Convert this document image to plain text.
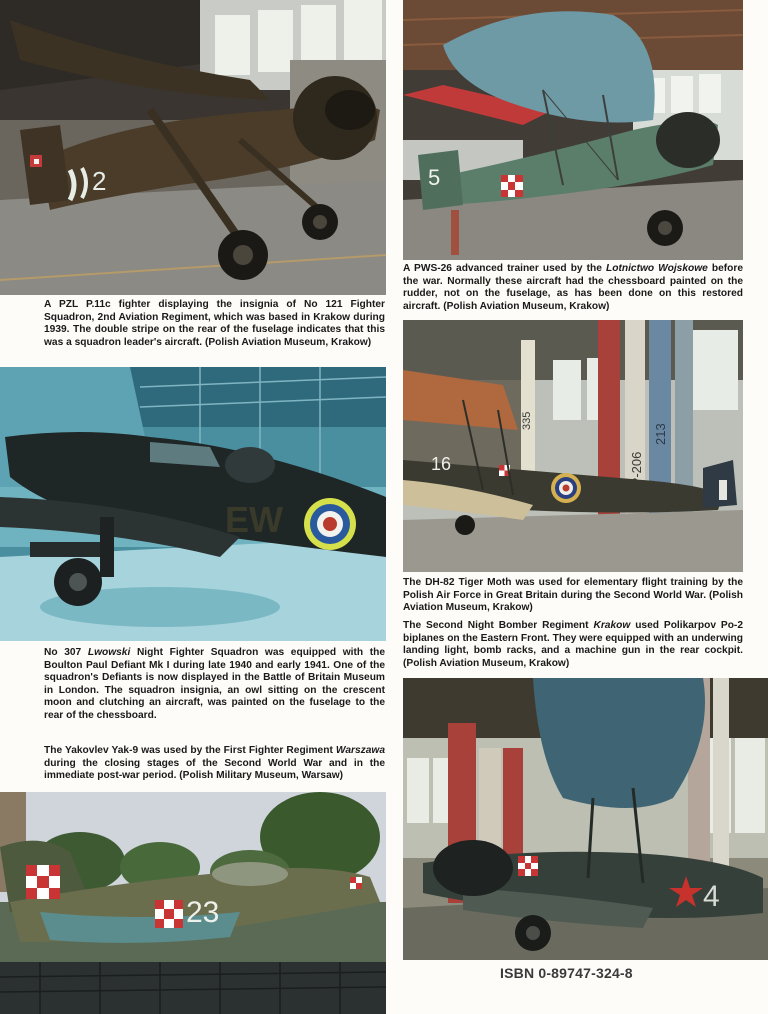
2

A PZL P.11c fighter displaying the insignia of No 121 Fighter Squadron, 2nd Aviation Regiment, which was based in Krakow during 1939. The double stripe on the rear of the fuselage indicates that this was a squadron leader's aircraft. (Polish Aviation Museum, Krakow)

5

A PWS-26 advanced trainer used by the Lotnictwo Wojskowe before the war. Normally these aircraft had the chessboard painted on the rudder, not on the fuselage, as has been done on this restored aircraft. (Polish Aviation Museum, Krakow)

EW

No 307 Lwowski Night Fighter Squadron was equipped with the Boulton Paul Defiant Mk I during late 1940 and early 1941. One of the squadron's Defiants is now displayed in the Battle of Britain Museum in London. The squadron insignia, an owl sitting on the crescent moon and clutching an aircraft, was painted on the fuselage to the rear of the chessboard.

The Yakovlev Yak-9 was used by the First Fighter Regiment Warszawa during the closing stages of the Second World War and in the immediate post-war period. (Polish Military Museum, Warsaw)

335
SP-206
213
16

The DH-82 Tiger Moth was used for elementary flight training by the Polish Air Force in Great Britain during the Second World War. (Polish Aviation Museum, Krakow)

The Second Night Bomber Regiment Krakow used Polikarpov Po-2 biplanes on the Eastern Front. They were equipped with an underwing landing light, bomb racks, and a machine gun in the rear cockpit. (Polish Aviation Museum, Krakow)

23	4
ISBN 0-89747-324-8
